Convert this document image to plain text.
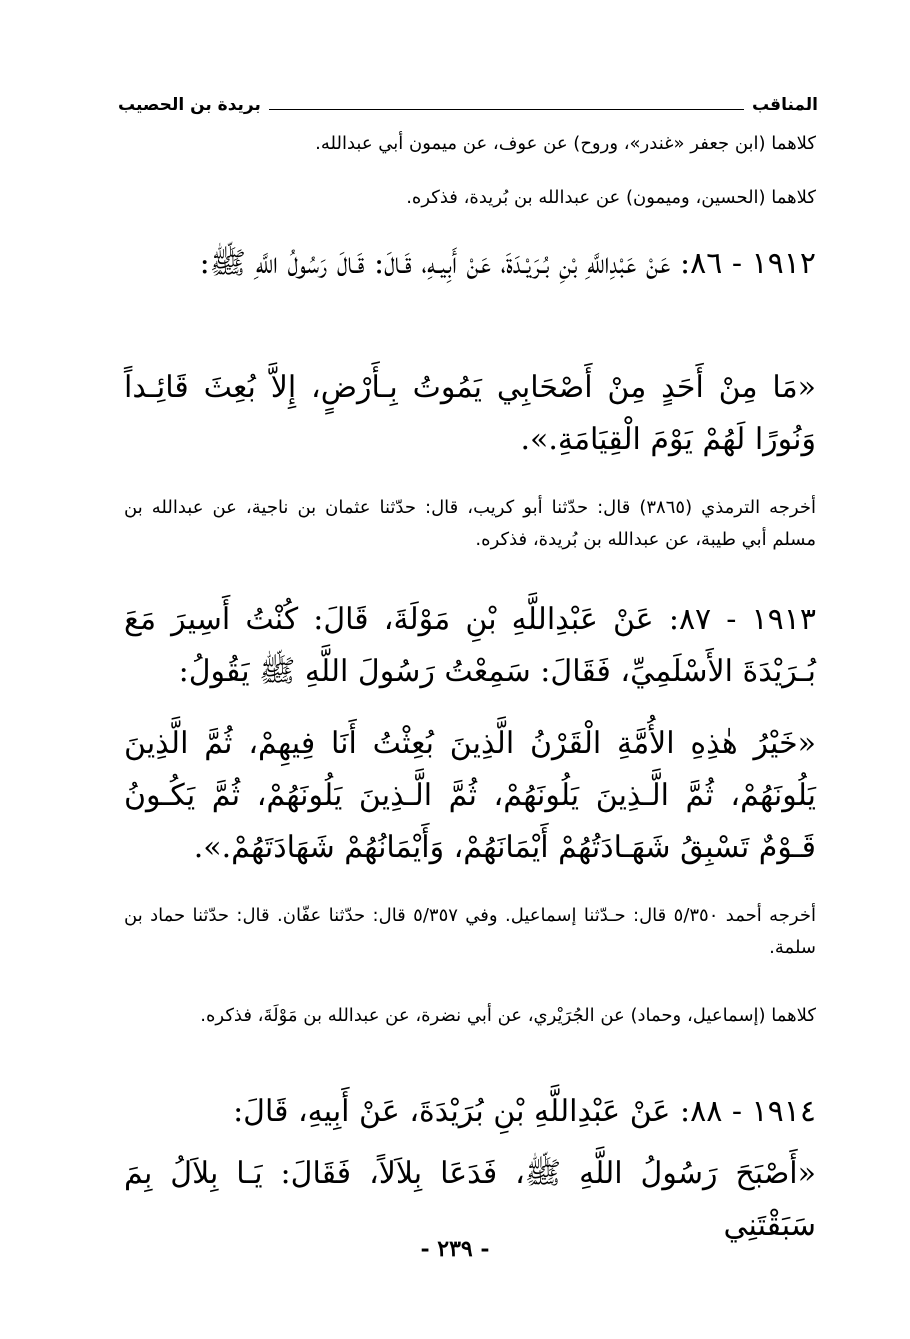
المناقب
بريدة بن الحصيب

كلاهما (ابن جعفر «غندر»، وروح) عن عوف، عن ميمون أبي عبدالله.

كلاهما (الحسين، وميمون) عن عبدالله بن بُريدة، فذكره.

١٩١٢ - ٨٦: عَنْ عَبْدِاللَّهِ بْنِ بُـرَيْـدَةَ، عَنْ أَبِيـهِ، قَـالَ: قَـالَ رَسُولُ اللَّهِ ﷺ:

«مَا مِنْ أَحَدٍ مِنْ أَصْحَابِي يَمُوتُ بِـأَرْضٍ، إِلاَّ بُعِثَ قَائِـداً وَنُورًا لَهُمْ يَوْمَ الْقِيَامَةِ.».

أخرجه الترمذي (٣٨٦٥) قال: حدّثنا أبو كريب، قال: حدّثنا عثمان بن ناجية، عن عبدالله بن مسلم أبي طيبة، عن عبدالله بن بُريدة، فذكره.

١٩١٣ - ٨٧: عَنْ عَبْدِاللَّهِ بْنِ مَوْلَةَ، قَالَ: كُنْتُ أَسِيرَ مَعَ بُـرَيْدَةَ الأَسْلَمِيِّ، فَقَالَ: سَمِعْتُ رَسُولَ اللَّهِ ﷺ يَقُولُ:

«خَيْرُ هٰذِهِ الأُمَّةِ الْقَرْنُ الَّذِينَ بُعِثْتُ أَنَا فِيهِمْ، ثُمَّ الَّذِينَ يَلُونَهُمْ، ثُمَّ الَّـذِينَ يَلُونَهُمْ، ثُمَّ الَّـذِينَ يَلُونَهُمْ، ثُمَّ يَكُـونُ قَـوْمٌ تَسْبِقُ شَهَـادَتُهُمْ أَيْمَانَهُمْ، وَأَيْمَانُهُمْ شَهَادَتَهُمْ.».

أخرجه أحمد ٥/٣٥٠ قال: حـدّثنا إسماعيل. وفي ٥/٣٥٧ قال: حدّثنا عفّان. قال: حدّثنا حماد بن سلمة.

كلاهما (إسماعيل، وحماد) عن الجُرَيْري، عن أبي نضرة، عن عبدالله بن مَوْلَةَ، فذكره.

١٩١٤ - ٨٨: عَنْ عَبْدِاللَّهِ بْنِ بُرَيْدَةَ، عَنْ أَبِيهِ، قَالَ:

«أَصْبَحَ رَسُولُ اللَّهِ ﷺ، فَدَعَا بِلاَلاً، فَقَالَ: يَـا بِلاَلُ بِمَ سَبَقْتَنِي

- ٢٣٩ -
